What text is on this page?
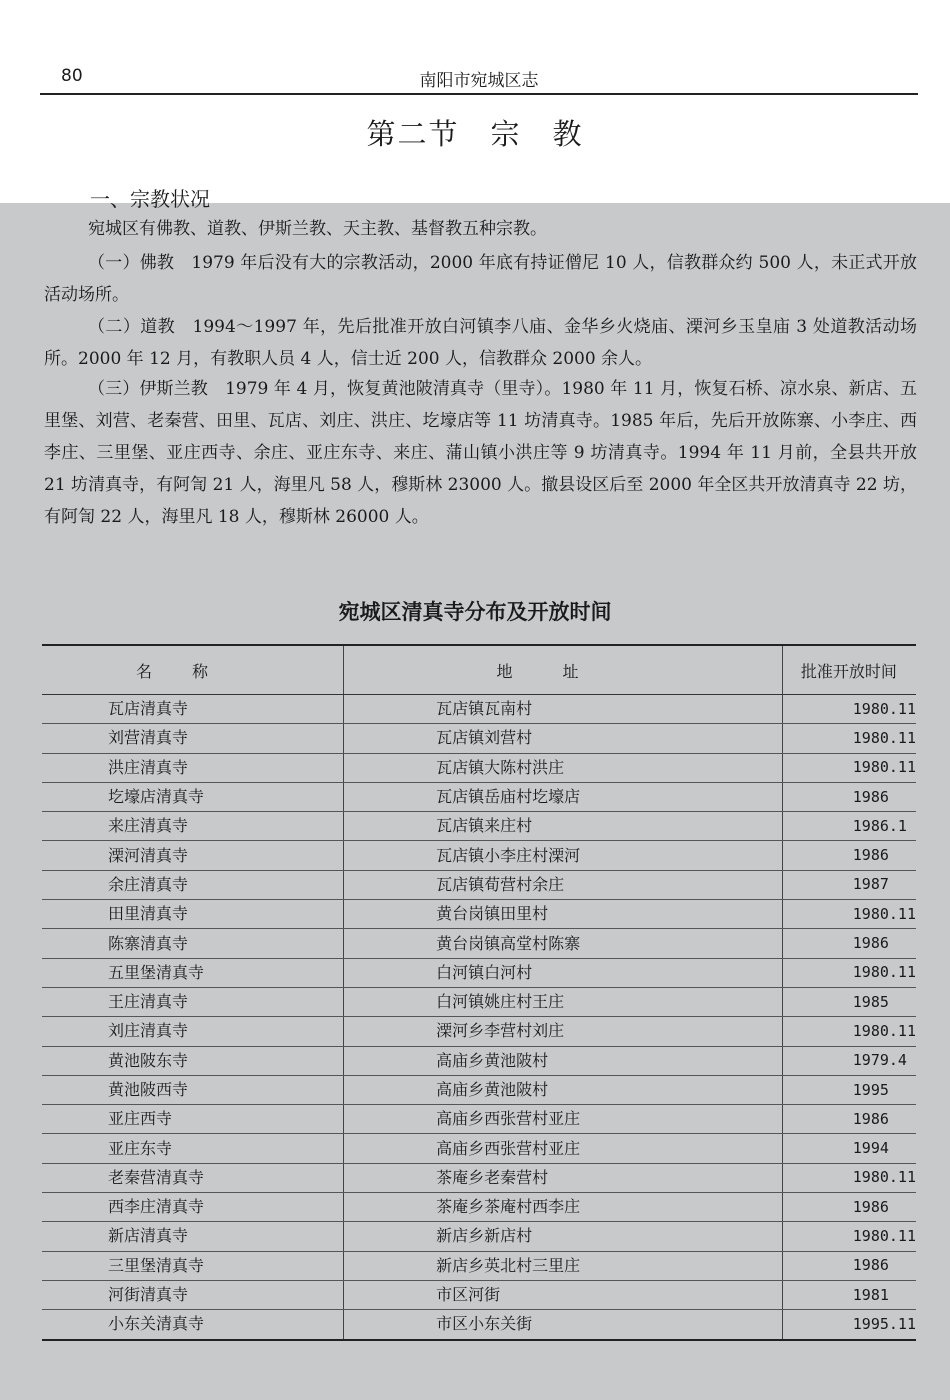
80	南阳市宛城区志
第二节　宗　教
一、宗教状况

宛城区有佛教、道教、伊斯兰教、天主教、基督教五种宗教。

（一）佛教　1979 年后没有大的宗教活动，2000 年底有持证僧尼 10 人，信教群众约 500 人，未正式开放活动场所。

（二）道教　1994～1997 年，先后批准开放白河镇李八庙、金华乡火烧庙、溧河乡玉皇庙 3 处道教活动场所。2000 年 12 月，有教职人员 4 人，信士近 200 人，信教群众 2000 余人。

（三）伊斯兰教　1979 年 4 月，恢复黄池陂清真寺（里寺）。1980 年 11 月，恢复石桥、凉水泉、新店、五里堡、刘营、老秦营、田里、瓦店、刘庄、洪庄、圪壕店等 11 坊清真寺。1985 年后，先后开放陈寨、小李庄、西李庄、三里堡、亚庄西寺、余庄、亚庄东寺、来庄、蒲山镇小洪庄等 9 坊清真寺。1994 年 11 月前，全县共开放 21 坊清真寺，有阿訇 21 人，海里凡 58 人，穆斯林 23000 人。撤县设区后至 2000 年全区共开放清真寺 22 坊，有阿訇 22 人，海里凡 18 人，穆斯林 26000 人。

宛城区清真寺分布及开放时间
名称	地址	批准开放时间
瓦店清真寺	瓦店镇瓦南村	1980.11
刘营清真寺	瓦店镇刘营村	1980.11
洪庄清真寺	瓦店镇大陈村洪庄	1980.11
圪壕店清真寺	瓦店镇岳庙村圪壕店	1986
来庄清真寺	瓦店镇来庄村	1986.1
溧河清真寺	瓦店镇小李庄村溧河	1986
余庄清真寺	瓦店镇荀营村余庄	1987
田里清真寺	黄台岗镇田里村	1980.11
陈寨清真寺	黄台岗镇高堂村陈寨	1986
五里堡清真寺	白河镇白河村	1980.11
王庄清真寺	白河镇姚庄村王庄	1985
刘庄清真寺	溧河乡李营村刘庄	1980.11
黄池陂东寺	高庙乡黄池陂村	1979.4
黄池陂西寺	高庙乡黄池陂村	1995
亚庄西寺	高庙乡西张营村亚庄	1986
亚庄东寺	高庙乡西张营村亚庄	1994
老秦营清真寺	茶庵乡老秦营村	1980.11
西李庄清真寺	茶庵乡茶庵村西李庄	1986
新店清真寺	新店乡新店村	1980.11
三里堡清真寺	新店乡英北村三里庄	1986
河街清真寺	市区河街	1981
小东关清真寺	市区小东关街	1995.11
